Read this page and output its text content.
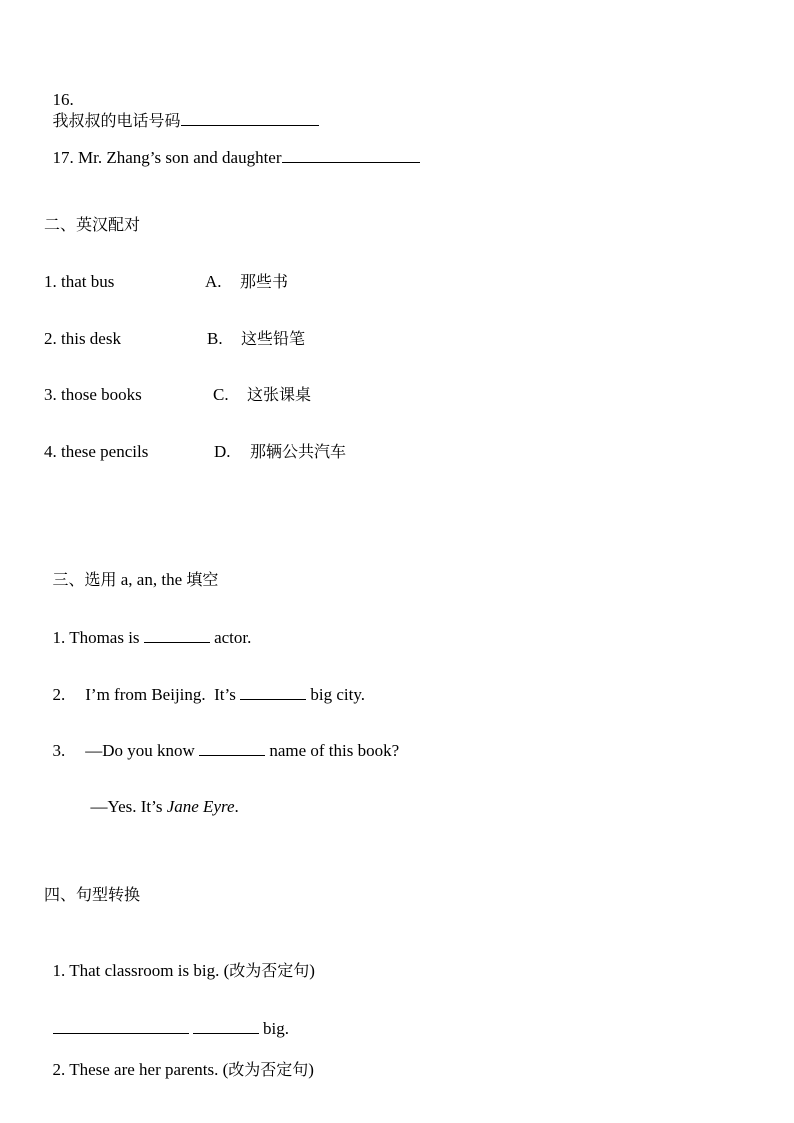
16.
我叔叔的电话号码

17. Mr. Zhang’s son and daughter

二、英汉配对
1. that bus	A. 那些书
2. this desk	B. 这些铅笔
3. those books	C. 这张课桌
4. these pencils	D. 那辆公共汽车

三、选用 a, an, the 填空

1. Thomas is	actor.

2. I’m from Beijing.  It’s	big city.

3. —Do you know	name of this book?

—Yes. It’s Jane Eyre.

四、句型转换

1. That classroom is big. (改为否定句)

big.

2. These are her parents. (改为否定句)
